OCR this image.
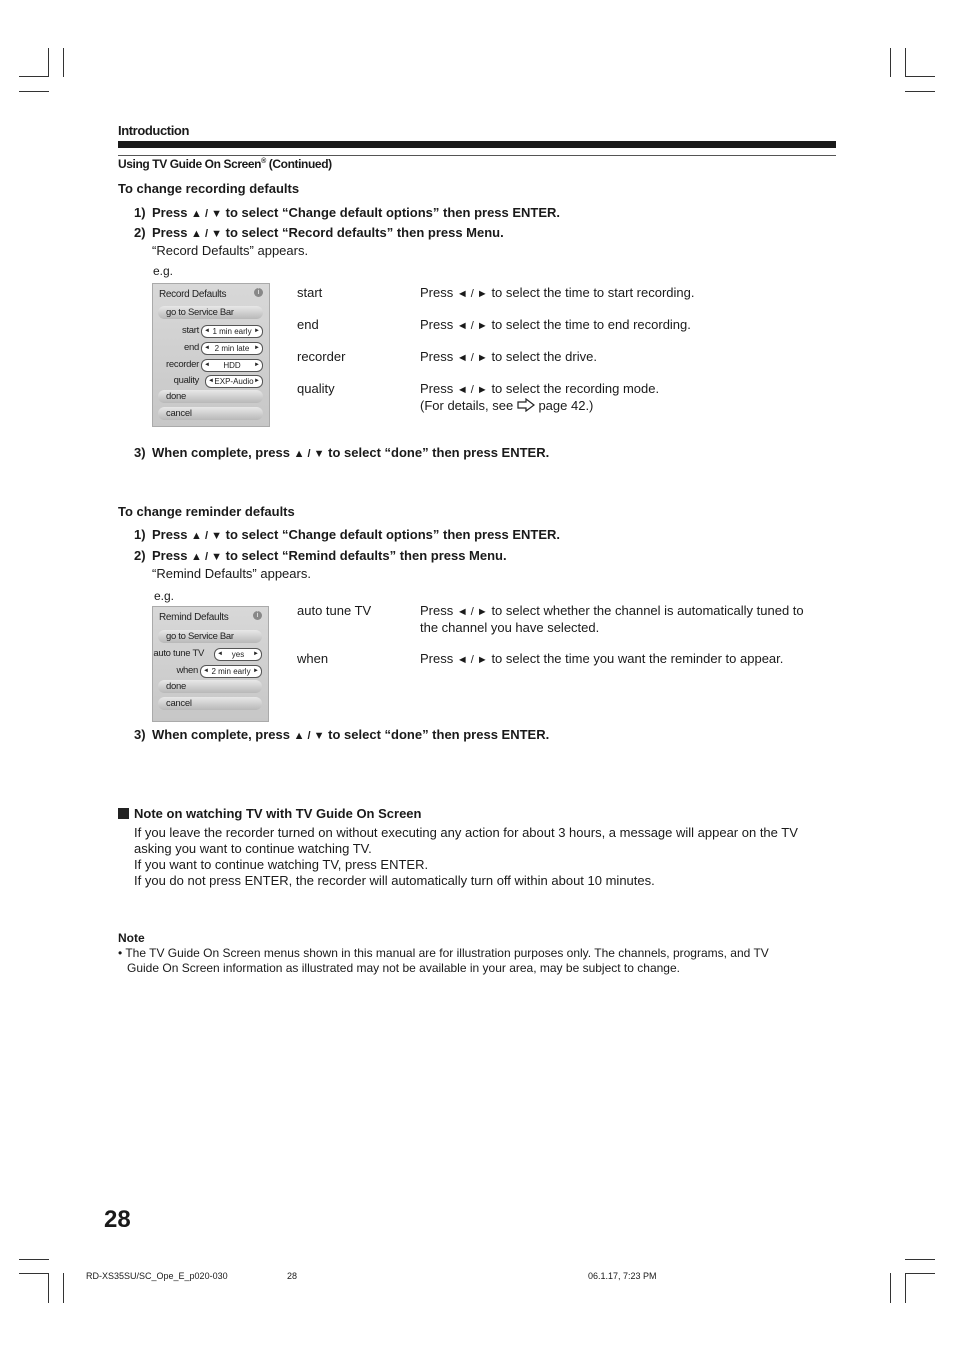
Introduction
Using TV Guide On Screen® (Continued)
To change recording defaults
1) Press ▲ / ▼ to select “Change default options” then press ENTER.
2) Press ▲ / ▼ to select “Record defaults” then press Menu.
“Record Defaults” appears.
e.g.
Record Defaults	i
go to Service Bar
start ◄ 1 min early ►
end ◄ 2 min late ►
recorder ◄ HDD ►
quality ◄ EXP-Audio ►
done
cancel
start	Press ◄ / ► to select the time to start recording.
end	Press ◄ / ► to select the time to end recording.
recorder	Press ◄ / ► to select the drive.
quality	Press ◄ / ► to select the recording mode.
(For details, see page 42.)
3) When complete, press ▲ / ▼ to select “done” then press ENTER.
To change reminder defaults
1) Press ▲ / ▼ to select “Change default options” then press ENTER.
2) Press ▲ / ▼ to select “Remind defaults” then press Menu.
“Remind Defaults” appears.
e.g.
Remind Defaults	i
go to Service Bar
auto tune TV ◄ yes ►
when ◄ 2 min early ►
done
cancel
auto tune TV	Press ◄ / ► to select whether the channel is automatically tuned to
the channel you have selected.
when	Press ◄ / ► to select the time you want the reminder to appear.
3) When complete, press ▲ / ▼ to select “done” then press ENTER.
Note on watching TV with TV Guide On Screen
If you leave the recorder turned on without executing any action for about 3 hours, a message will appear on the TV
asking you want to continue watching TV.
If you want to continue watching TV, press ENTER.
If you do not press ENTER, the recorder will automatically turn off within about 10 minutes.
Note
• The TV Guide On Screen menus shown in this manual are for illustration purposes only. The channels, programs, and TV
Guide On Screen information as illustrated may not be available in your area, may be subject to change.
28
RD-XS35SU/SC_Ope_E_p020-030	28	06.1.17, 7:23 PM
